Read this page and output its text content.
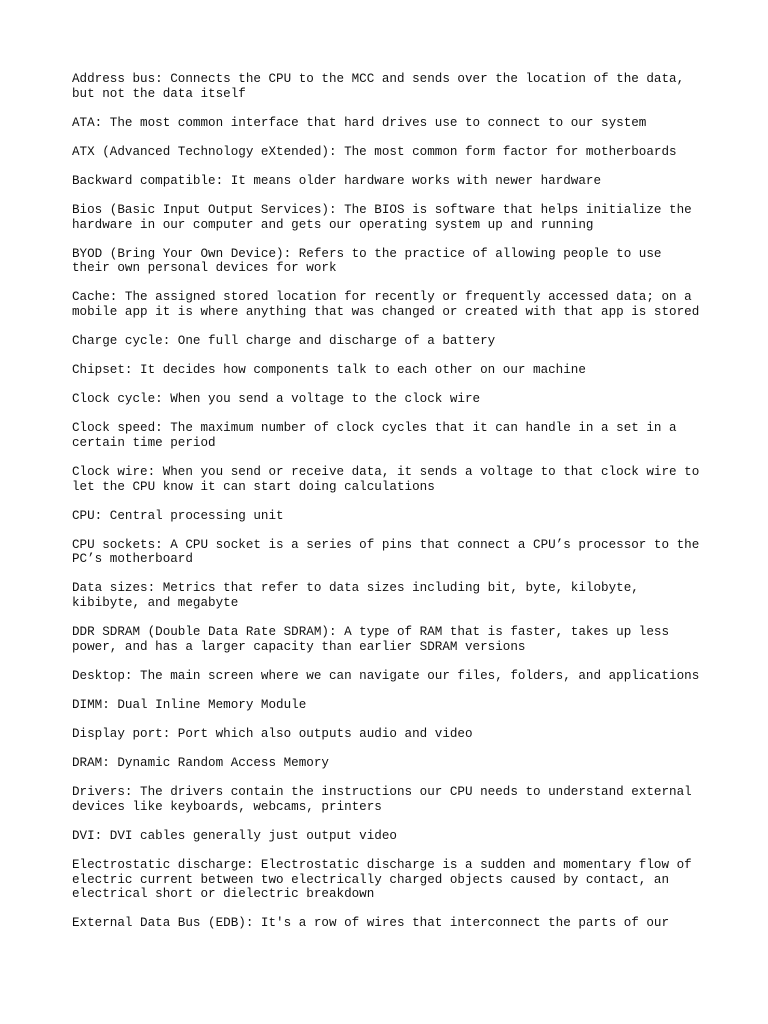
Address bus: Connects the CPU to the MCC and sends over the location of the data,
but not the data itself
ATA: The most common interface that hard drives use to connect to our system
ATX (Advanced Technology eXtended): The most common form factor for motherboards
Backward compatible: It means older hardware works with newer hardware
Bios (Basic Input Output Services): The BIOS is software that helps initialize the
hardware in our computer and gets our operating system up and running
BYOD (Bring Your Own Device): Refers to the practice of allowing people to use
their own personal devices for work
Cache: The assigned stored location for recently or frequently accessed data; on a
mobile app it is where anything that was changed or created with that app is stored
Charge cycle: One full charge and discharge of a battery
Chipset: It decides how components talk to each other on our machine
Clock cycle: When you send a voltage to the clock wire
Clock speed: The maximum number of clock cycles that it can handle in a set in a
certain time period
Clock wire: When you send or receive data, it sends a voltage to that clock wire to
let the CPU know it can start doing calculations
CPU: Central processing unit
CPU sockets: A CPU socket is a series of pins that connect a CPU’s processor to the
PC’s motherboard
Data sizes: Metrics that refer to data sizes including bit, byte, kilobyte,
kibibyte, and megabyte
DDR SDRAM (Double Data Rate SDRAM): A type of RAM that is faster, takes up less
power, and has a larger capacity than earlier SDRAM versions
Desktop: The main screen where we can navigate our files, folders, and applications
DIMM: Dual Inline Memory Module
Display port: Port which also outputs audio and video
DRAM: Dynamic Random Access Memory
Drivers: The drivers contain the instructions our CPU needs to understand external
devices like keyboards, webcams, printers
DVI: DVI cables generally just output video
Electrostatic discharge: Electrostatic discharge is a sudden and momentary flow of
electric current between two electrically charged objects caused by contact, an
electrical short or dielectric breakdown
External Data Bus (EDB): It's a row of wires that interconnect the parts of our
